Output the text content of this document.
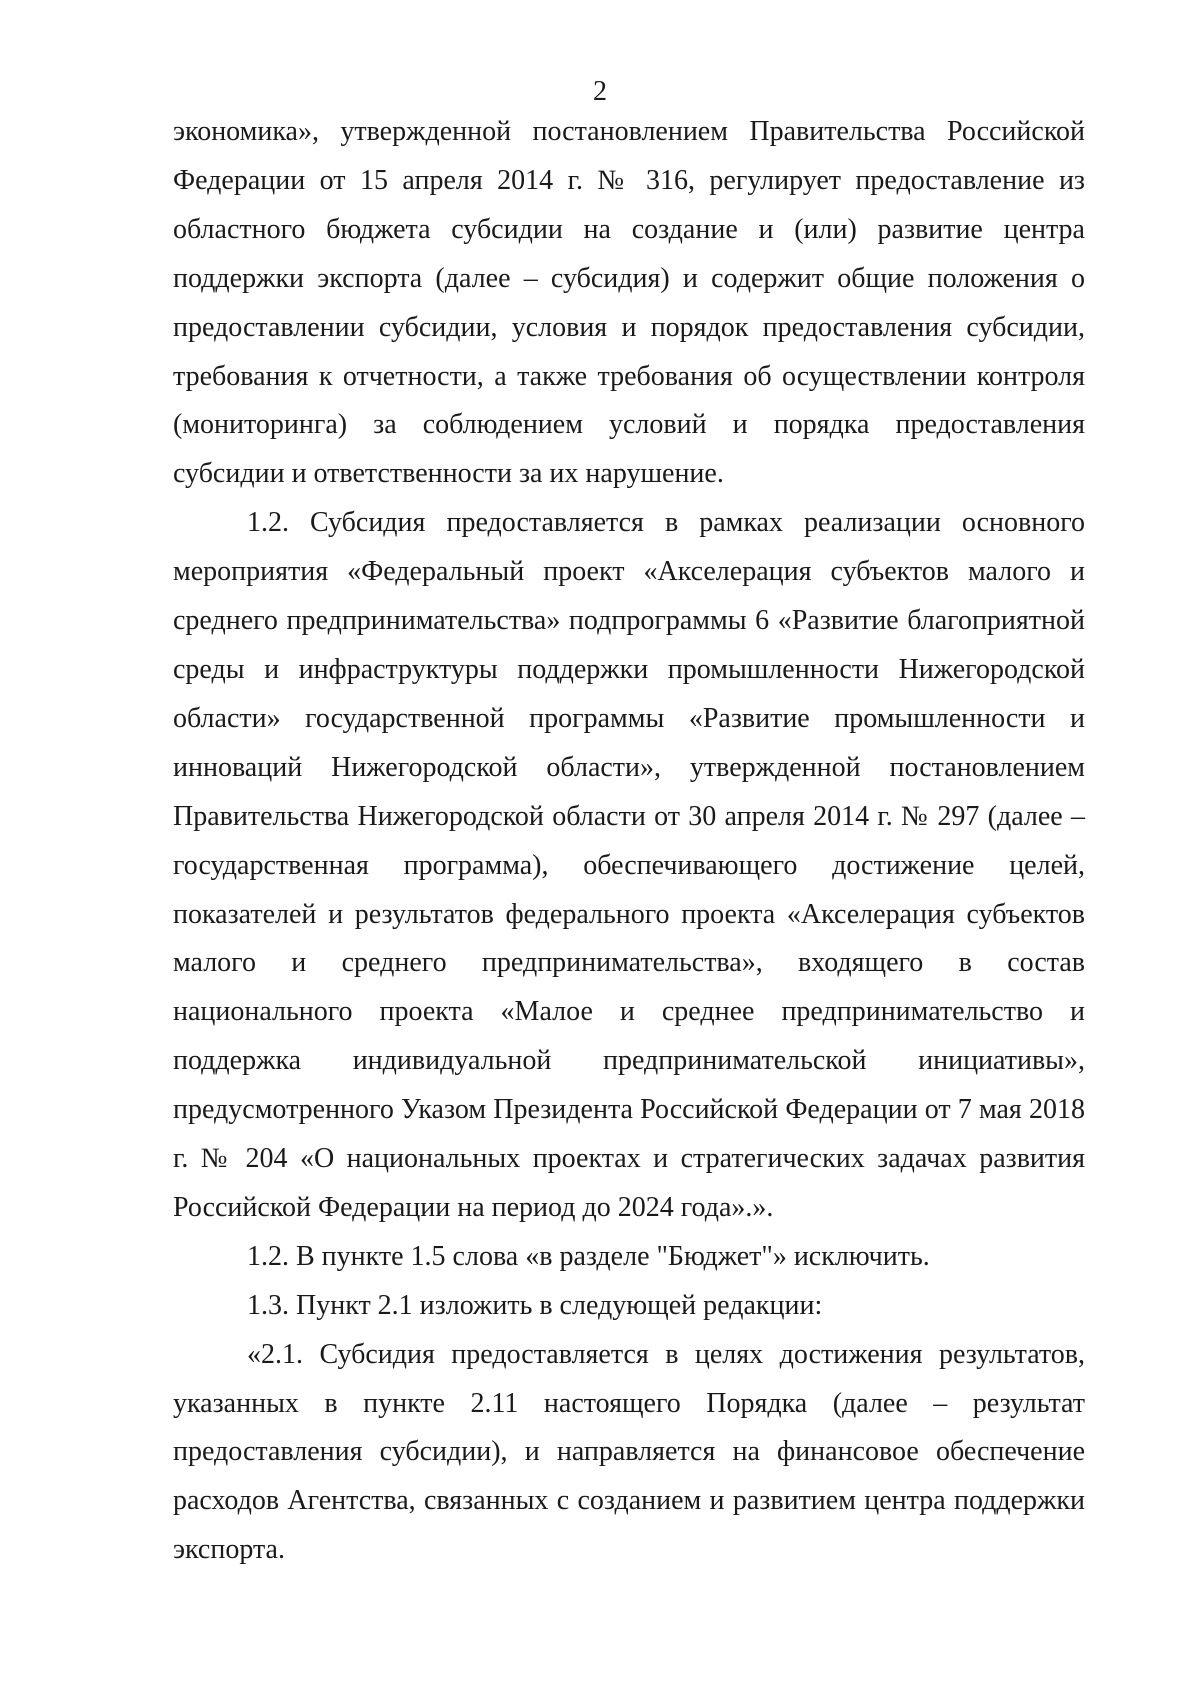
2

экономика», утвержденной постановлением Правительства Российской Федерации от 15 апреля 2014 г. № 316, регулирует предоставление из областного бюджета субсидии на создание и (или) развитие центра поддержки экспорта (далее – субсидия) и содержит общие положения о предоставлении субсидии, условия и порядок предоставления субсидии, требования к отчетности, а также требования об осуществлении контроля (мониторинга) за соблюдением условий и порядка предоставления субсидии и ответственности за их нарушение.

1.2. Субсидия предоставляется в рамках реализации основного мероприятия «Федеральный проект «Акселерация субъектов малого и среднего предпринимательства» подпрограммы 6 «Развитие благоприятной среды и инфраструктуры поддержки промышленности Нижегородской области» государственной программы «Развитие промышленности и инноваций Нижегородской области», утвержденной постановлением Правительства Нижегородской области от 30 апреля 2014 г. № 297 (далее – государственная программа), обеспечивающего достижение целей, показателей и результатов федерального проекта «Акселерация субъектов малого и среднего предпринимательства», входящего в состав национального проекта «Малое и среднее предпринимательство и поддержка индивидуальной предпринимательской инициативы», предусмотренного Указом Президента Российской Федерации от 7 мая 2018 г. № 204 «О национальных проектах и стратегических задачах развития Российской Федерации на период до 2024 года».».

1.2. В пункте 1.5 слова «в разделе "Бюджет"» исключить.

1.3. Пункт 2.1 изложить в следующей редакции:

«2.1. Субсидия предоставляется в целях достижения результатов, указанных в пункте 2.11 настоящего Порядка (далее – результат предоставления субсидии), и направляется на финансовое обеспечение расходов Агентства, связанных с созданием и развитием центра поддержки экспорта.
